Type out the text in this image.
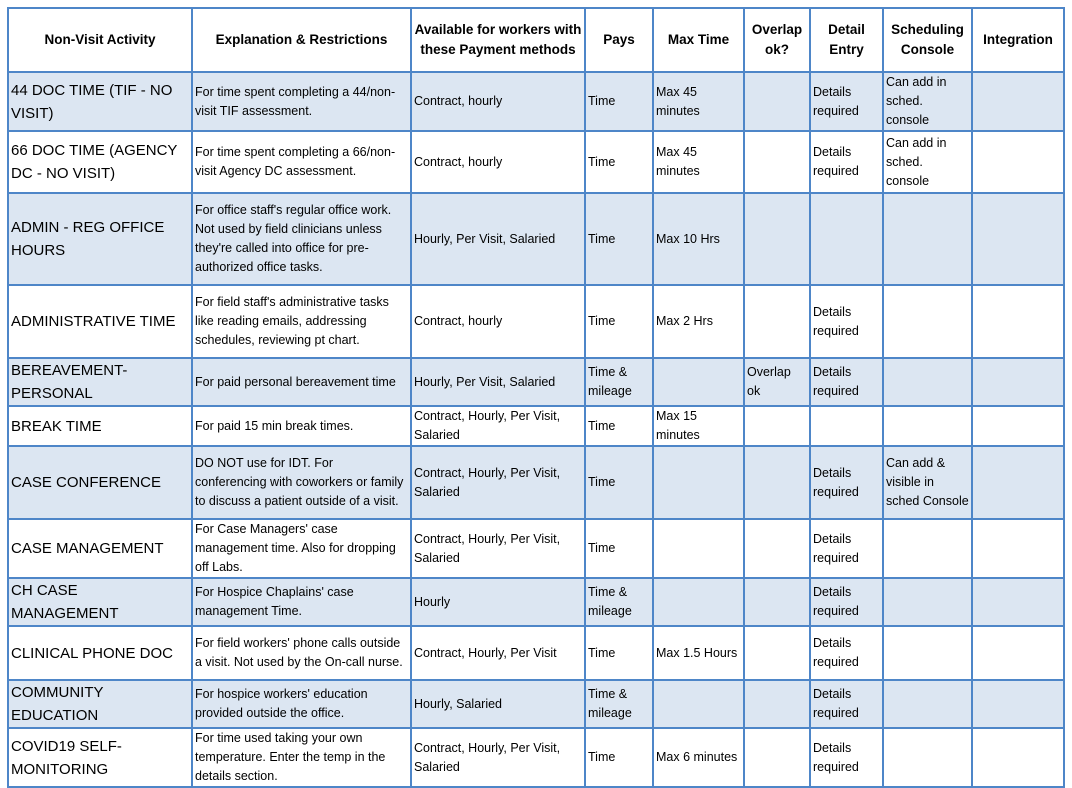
Non-Visit Activity	Explanation & Restrictions	Available for workers with these Payment methods	Pays	Max Time	Overlap ok?	Detail Entry	Scheduling Console	Integration
44 DOC TIME (TIF - NO VISIT)	For time spent completing a 44/non-visit TIF assessment.	Contract, hourly	Time	Max 45 minutes		Details required	Can add in sched. console	
66 DOC TIME (AGENCY DC - NO VISIT)	For time spent completing a 66/non-visit Agency DC assessment.	Contract, hourly	Time	Max 45 minutes		Details required	Can add in sched. console	
ADMIN - REG OFFICE HOURS	For office staff's regular office work. Not used by field clinicians unless they're called into office for pre-authorized office tasks.	Hourly, Per Visit, Salaried	Time	Max 10 Hrs				
ADMINISTRATIVE TIME	For field staff's administrative tasks like reading emails, addressing schedules, reviewing pt chart.	Contract, hourly	Time	Max 2 Hrs		Details required		
BEREAVEMENT- PERSONAL	For paid personal bereavement time	Hourly, Per Visit, Salaried	Time & mileage		Overlap ok	Details required		
BREAK TIME	For paid 15 min break times.	Contract, Hourly, Per Visit, Salaried	Time	Max 15 minutes				
CASE CONFERENCE	DO NOT use for IDT. For conferencing with coworkers or family to discuss a patient outside of a visit.	Contract, Hourly, Per Visit, Salaried	Time			Details required	Can add & visible in sched Console	
CASE MANAGEMENT	For Case Managers' case management time. Also for dropping off Labs.	Contract, Hourly, Per Visit, Salaried	Time			Details required		
CH CASE MANAGEMENT	For Hospice Chaplains' case management Time.	Hourly	Time & mileage			Details required		
CLINICAL PHONE DOC	For field workers' phone calls outside a visit. Not used by the On-call nurse.	Contract, Hourly, Per Visit	Time	Max 1.5 Hours		Details required		
COMMUNITY EDUCATION	For hospice workers' education provided outside the office.	Hourly, Salaried	Time & mileage			Details required		
COVID19 SELF-MONITORING	For time used taking your own temperature. Enter the temp in the details section.	Contract, Hourly, Per Visit, Salaried	Time	Max 6 minutes		Details required		
